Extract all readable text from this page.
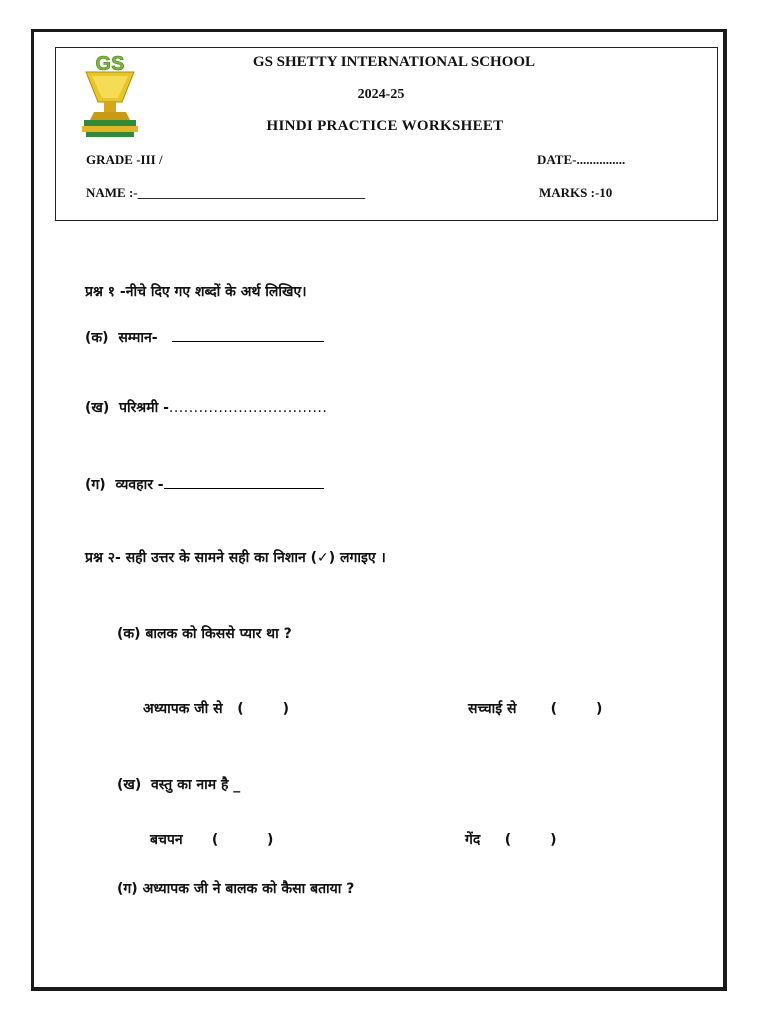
GS	GS SHETTY INTERNATIONAL SCHOOL
2024-25
HINDI PRACTICE WORKSHEET
GRADE -III /	DATE-...............
NAME :-___________________________________	MARKS :-10
प्रश्न १ -नीचे दिए गए शब्दों के अर्थ लिखिए।
(क) सम्मान-
(ख) परिश्रमी -................................
(ग) व्यवहार -
प्रश्न २- सही उत्तर के सामने सही का निशान (✓) लगाइए ।
(क) बालक को किससे प्यार था ?
अध्यापक जी से (        )	सच्चाई से (        )
(ख) वस्तु का नाम है _
बचपन (          )	गेंद (        )
(ग) अध्यापक जी ने बालक को कैसा बताया ?
